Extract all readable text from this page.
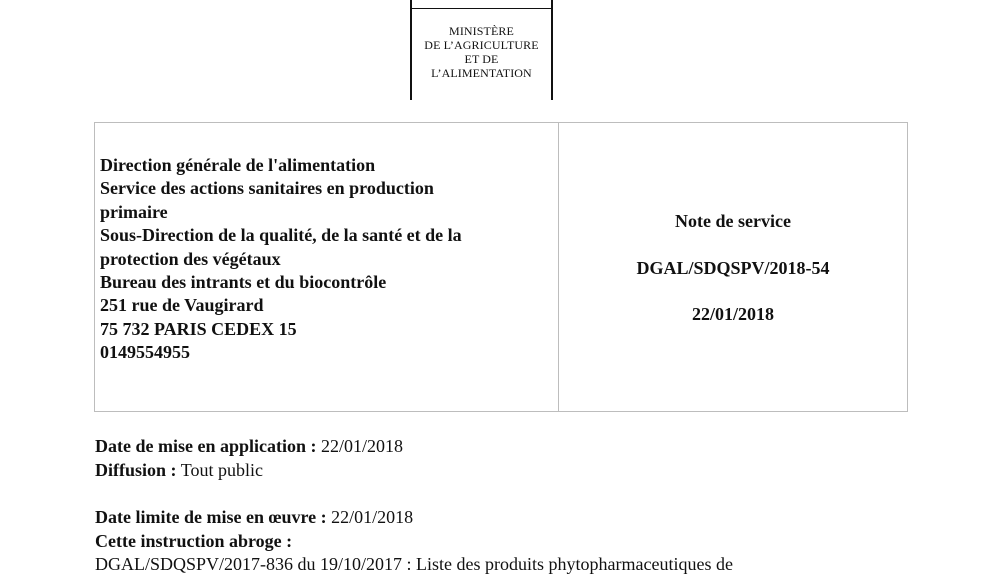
MINISTÈRE
DE L’AGRICULTURE
ET DE
L’ALIMENTATION
Direction générale de l'alimentation
Service des actions sanitaires en production
primaire
Sous-Direction de la qualité, de la santé et de la
protection des végétaux
Bureau des intrants et du biocontrôle
251 rue de Vaugirard
75 732 PARIS CEDEX 15
0149554955
Note de service
DGAL/SDQSPV/2018-54
22/01/2018
Date de mise en application : 22/01/2018
Diffusion : Tout public
Date limite de mise en œuvre : 22/01/2018
Cette instruction abroge :
DGAL/SDQSPV/2017-836 du 19/10/2017 : Liste des produits phytopharmaceutiques de
